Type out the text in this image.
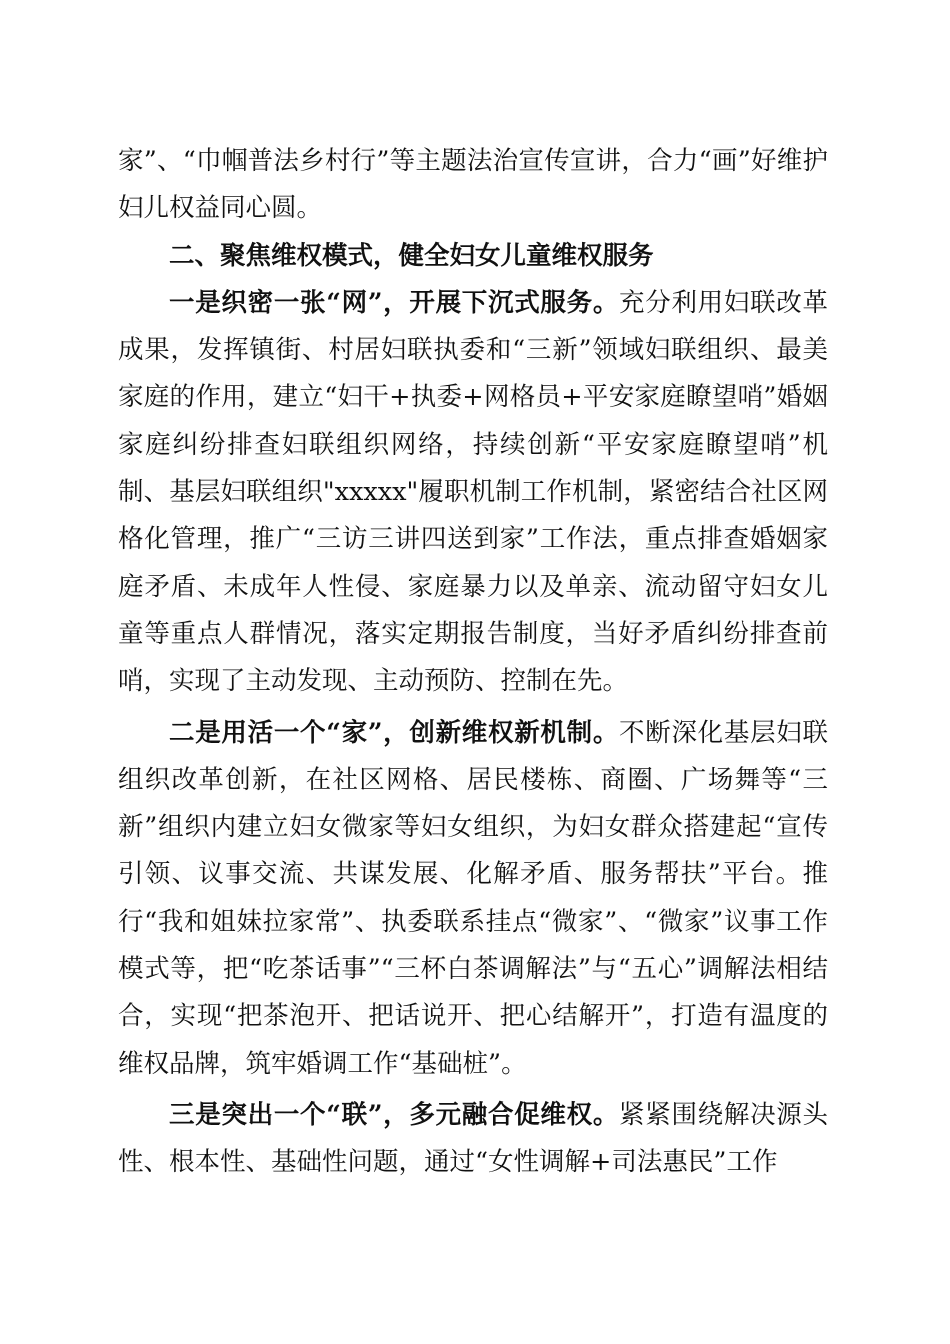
家”、“巾帼普法乡村行”等主题法治宣传宣讲，合力“画”好维护妇儿权益同心圆。

二、聚焦维权模式，健全妇女儿童维权服务

一是织密一张“网”，开展下沉式服务。充分利用妇联改革成果，发挥镇街、村居妇联执委和“三新”领域妇联组织、最美家庭的作用，建立“妇干+执委+网格员+平安家庭瞭望哨”婚姻家庭纠纷排查妇联组织网络，持续创新“平安家庭瞭望哨”机制、基层妇联组织"xxxxx"履职机制工作机制，紧密结合社区网格化管理，推广“三访三讲四送到家”工作法，重点排查婚姻家庭矛盾、未成年人性侵、家庭暴力以及单亲、流动留守妇女儿童等重点人群情况，落实定期报告制度，当好矛盾纠纷排查前哨，实现了主动发现、主动预防、控制在先。

二是用活一个“家”，创新维权新机制。不断深化基层妇联组织改革创新，在社区网格、居民楼栋、商圈、广场舞等“三新”组织内建立妇女微家等妇女组织，为妇女群众搭建起“宣传引领、议事交流、共谋发展、化解矛盾、服务帮扶”平台。推行“我和姐妹拉家常”、执委联系挂点“微家”、“微家”议事工作模式等，把“吃茶话事”“三杯白茶调解法”与“五心”调解法相结合，实现“把茶泡开、把话说开、把心结解开”，打造有温度的维权品牌，筑牢婚调工作“基础桩”。

三是突出一个“联”，多元融合促维权。紧紧围绕解决源头性、根本性、基础性问题，通过“女性调解+司法惠民”工作
